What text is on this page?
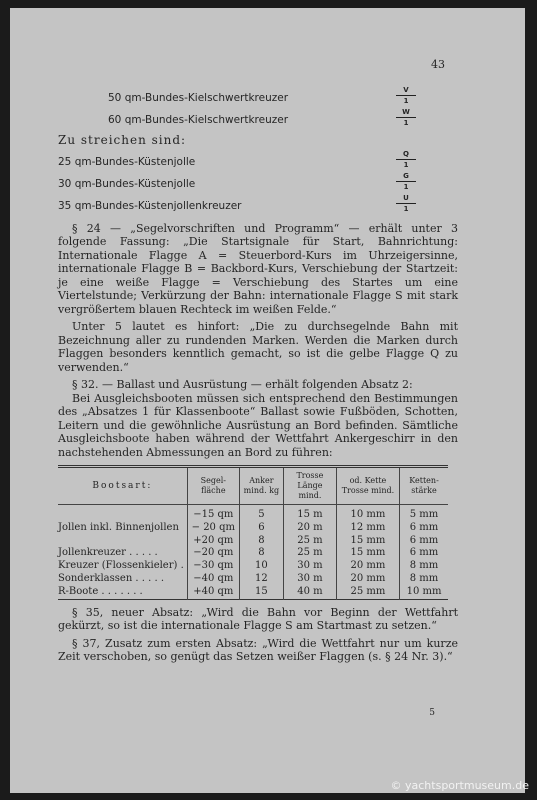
43
50 qm-Bundes-Kielschwertkreuzer
V
1
60 qm-Bundes-Kielschwertkreuzer
W
1
Zu streichen sind:
25 qm-Bundes-Küstenjolle
Q
1
30 qm-Bundes-Küstenjolle
G
1
35 qm-Bundes-Küstenjollenkreuzer
U
1

§ 24 — „Segelvorschriften und Programm“ — erhält unter 3 folgende Fassung: „Die Startsignale für Start, Bahnrichtung: Internationale Flagge A = Steuerbord-Kurs im Uhrzeigersinne, internationale Flagge B = Backbord-Kurs, Verschiebung der Startzeit: je eine weiße Flagge = Verschiebung des Startes um eine Viertelstunde; Verkürzung der Bahn: internationale Flagge S mit stark vergrößertem blauen Rechteck im weißen Felde.“

Unter 5 lautet es hinfort: „Die zu durchsegelnde Bahn mit Bezeichnung aller zu rundenden Marken. Werden die Marken durch Flaggen besonders kenntlich gemacht, so ist die gelbe Flagge Q zu verwenden.“

§ 32. — Ballast und Ausrüstung — erhält folgenden Absatz 2:

Bei Ausgleichsbooten müssen sich entsprechend den Bestimmungen des „Absatzes 1 für Klassenboote“ Ballast sowie Fußböden, Schotten, Leitern und die gewöhnliche Ausrüstung an Bord befinden. Sämtliche Ausgleichsboote haben während der Wettfahrt Ankergeschirr in den nachstehenden Abmessungen an Bord zu führen:

Bootsart:	Segel-fläche	Anker mind. kg	Trosse Länge mind.	od. Kette Trosse mind.	Ketten-stärke
	−15 qm	5	15 m	10 mm	5 mm
Jollen inkl. Binnenjollen	− 20 qm	6	20 m	12 mm	6 mm
	+20 qm	8	25 m	15 mm	6 mm
Jollenkreuzer . . . . .	−20 qm	8	25 m	15 mm	6 mm
Kreuzer (Flossenkieler) .	−30 qm	10	30 m	20 mm	8 mm
Sonderklassen . . . . .	−40 qm	12	30 m	20 mm	8 mm
R-Boote . . . . . . .	+40 qm	15	40 m	25 mm	10 mm

§ 35, neuer Absatz: „Wird die Bahn vor Beginn der Wettfahrt gekürzt, so ist die internationale Flagge S am Startmast zu setzen.“

§ 37, Zusatz zum ersten Absatz: „Wird die Wettfahrt nur um kurze Zeit verschoben, so genügt das Setzen weißer Flaggen (s. § 24 Nr. 3).“

5
© yachtsportmuseum.de
